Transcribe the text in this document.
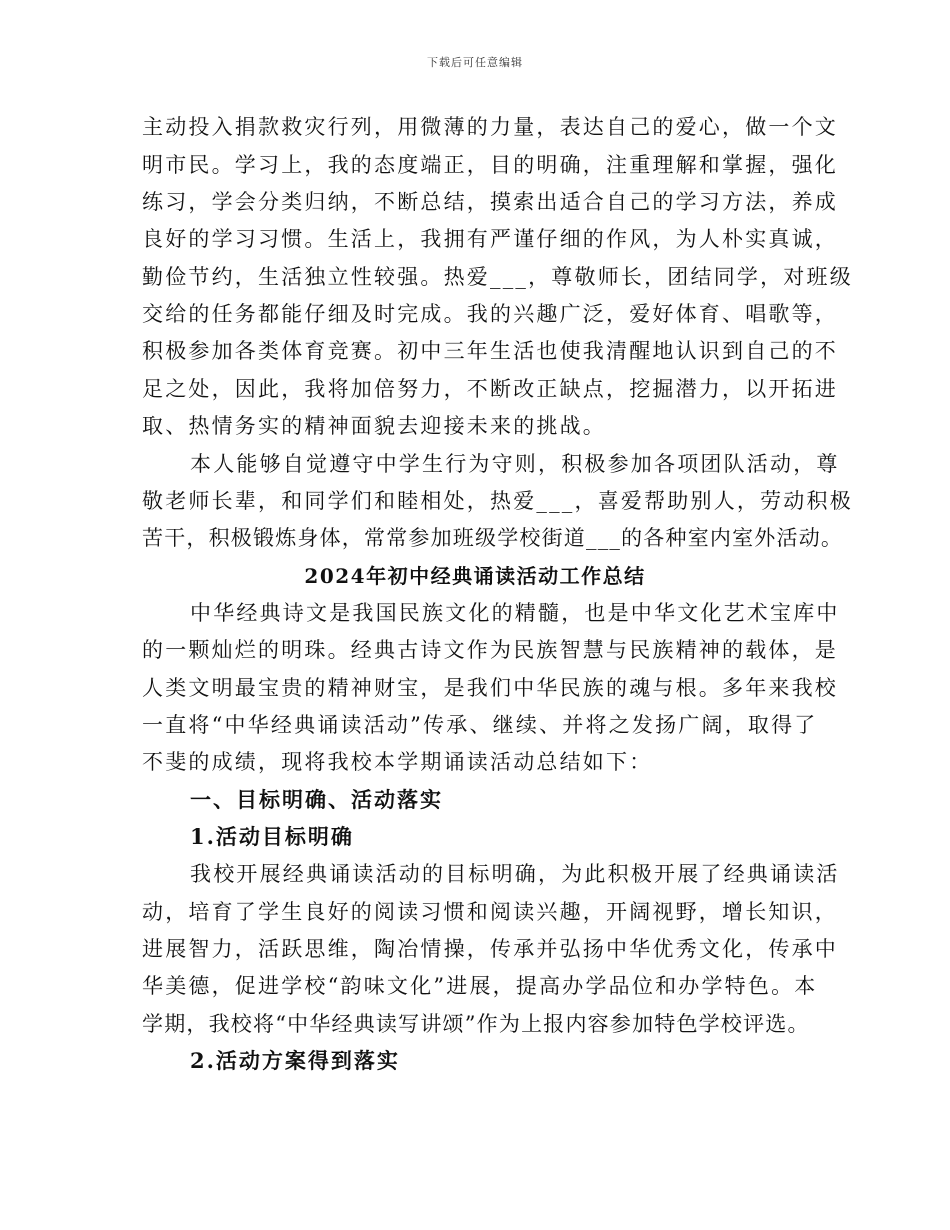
下载后可任意编辑
主动投入捐款救灾行列，用微薄的力量，表达自己的爱心，做一个文
明市民。学习上，我的态度端正，目的明确，注重理解和掌握，强化
练习，学会分类归纳，不断总结，摸索出适合自己的学习方法，养成
良好的学习习惯。生活上，我拥有严谨仔细的作风，为人朴实真诚，
勤俭节约，生活独立性较强。热爱___，尊敬师长，团结同学，对班级
交给的任务都能仔细及时完成。我的兴趣广泛，爱好体育、唱歌等，
积极参加各类体育竞赛。初中三年生活也使我清醒地认识到自己的不
足之处，因此，我将加倍努力，不断改正缺点，挖掘潜力，以开拓进
取、热情务实的精神面貌去迎接未来的挑战。
本人能够自觉遵守中学生行为守则，积极参加各项团队活动，尊
敬老师长辈，和同学们和睦相处，热爱___，喜爱帮助别人，劳动积极
苦干，积极锻炼身体，常常参加班级学校街道___的各种室内室外活动。
2024年初中经典诵读活动工作总结
中华经典诗文是我国民族文化的精髓，也是中华文化艺术宝库中
的一颗灿烂的明珠。经典古诗文作为民族智慧与民族精神的载体，是
人类文明最宝贵的精神财宝，是我们中华民族的魂与根。多年来我校
一直将“中华经典诵读活动”传承、继续、并将之发扬广阔，取得了
不斐的成绩，现将我校本学期诵读活动总结如下：
一、目标明确、活动落实
1.活动目标明确
我校开展经典诵读活动的目标明确，为此积极开展了经典诵读活
动，培育了学生良好的阅读习惯和阅读兴趣，开阔视野，增长知识，
进展智力，活跃思维，陶冶情操，传承并弘扬中华优秀文化，传承中
华美德，促进学校“韵味文化”进展，提高办学品位和办学特色。本
学期，我校将“中华经典读写讲颂”作为上报内容参加特色学校评选。
2.活动方案得到落实
